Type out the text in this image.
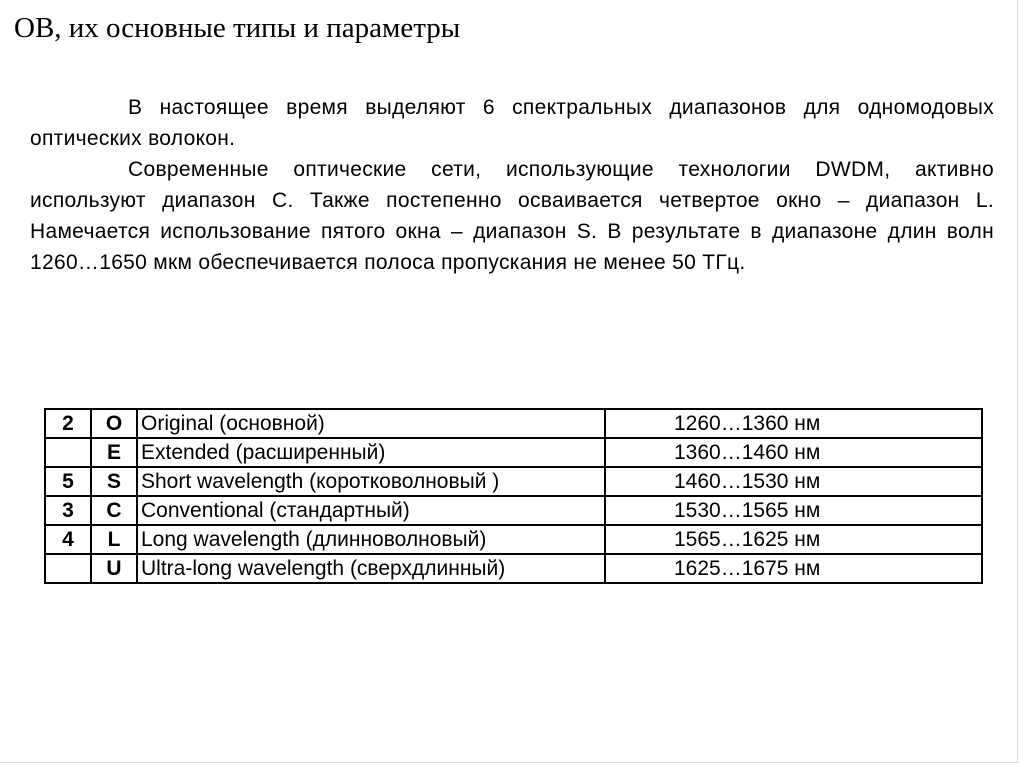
ОВ, их основные типы и параметры

В настоящее время выделяют 6 спектральных диапазонов для одномодовых оптических волокон.

Современные оптические сети, использующие технологии DWDM, активно используют диапазон С. Также постепенно осваивается четвертое окно – диапазон L. Намечается использование пятого окна – диапазон S. В результате в диапазоне длин волн 1260…1650 мкм обеспечивается полоса пропускания не менее 50 ТГц.

2	O	Original (основной)	1260…1360 нм
	E	Extended (расширенный)	1360…1460 нм
5	S	Short wavelength (коротковолновый )	1460…1530 нм
3	C	Conventional (стандартный)	1530…1565 нм
4	L	Long wavelength (длинноволновый)	1565…1625 нм
	U	Ultra-long wavelength (сверхдлинный)	1625…1675 нм
